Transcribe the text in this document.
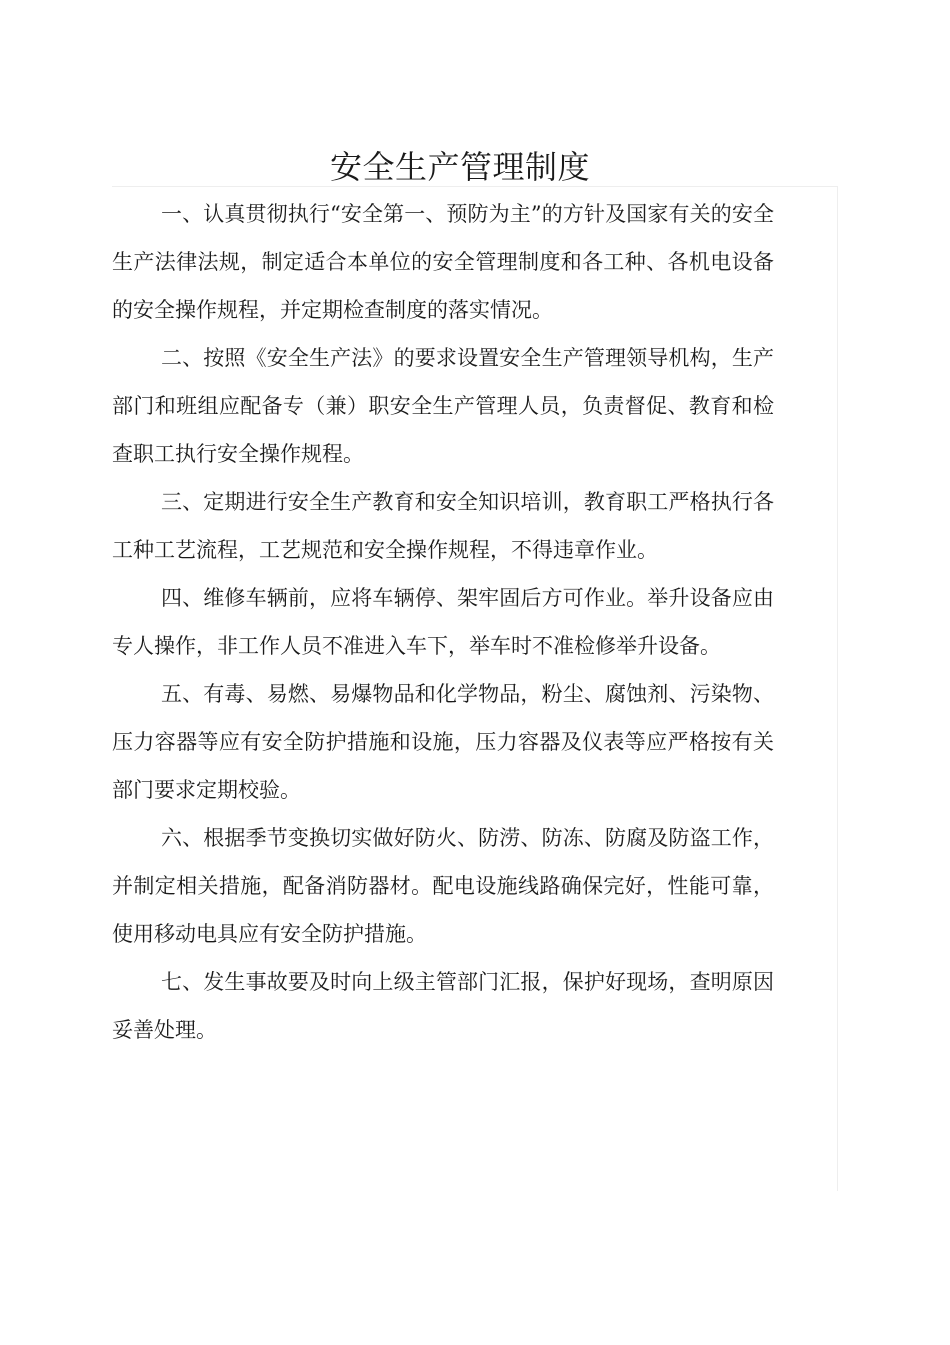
安全生产管理制度

一、认真贯彻执行“安全第一、预防为主”的方针及国家有关的安全生产法律法规，制定适合本单位的安全管理制度和各工种、各机电设备的安全操作规程，并定期检查制度的落实情况。

二、按照《安全生产法》的要求设置安全生产管理领导机构，生产部门和班组应配备专（兼）职安全生产管理人员，负责督促、教育和检查职工执行安全操作规程。

三、定期进行安全生产教育和安全知识培训，教育职工严格执行各工种工艺流程，工艺规范和安全操作规程，不得违章作业。

四、维修车辆前，应将车辆停、架牢固后方可作业。举升设备应由专人操作，非工作人员不准进入车下，举车时不准检修举升设备。

五、有毒、易燃、易爆物品和化学物品，粉尘、腐蚀剂、污染物、压力容器等应有安全防护措施和设施，压力容器及仪表等应严格按有关部门要求定期校验。

六、根据季节变换切实做好防火、防涝、防冻、防腐及防盗工作，并制定相关措施，配备消防器材。配电设施线路确保完好，性能可靠，使用移动电具应有安全防护措施。

七、发生事故要及时向上级主管部门汇报，保护好现场，查明原因妥善处理。
